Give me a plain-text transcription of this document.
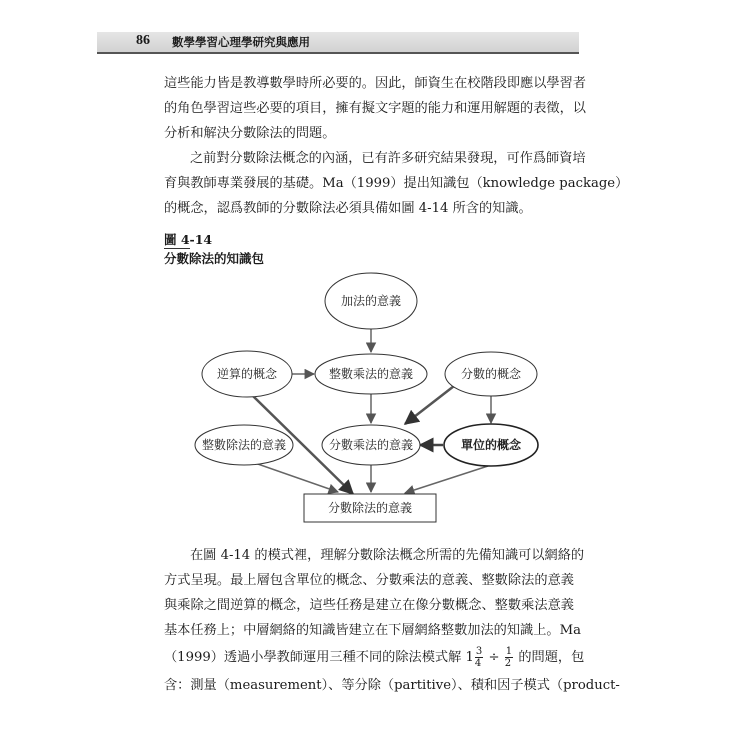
86 數學學習心理學研究與應用

這些能力皆是教導數學時所必要的。因此，師資生在校階段即應以學習者

的角色學習這些必要的項目，擁有擬文字題的能力和運用解題的表徵，以

分析和解決分數除法的問題。

之前對分數除法概念的內涵，已有許多研究結果發現，可作爲師資培

育與教師專業發展的基礎。Ma（1999）提出知識包（knowledge package）

的概念，認爲教師的分數除法必須具備如圖 4-14 所含的知識。

圖 4-14
分數除法的知識包
加法的意義
逆算的概念	整數乘法的意義	分數的概念
整數除法的意義	分數乘法的意義	單位的概念
分數除法的意義

在圖 4-14 的模式裡，理解分數除法概念所需的先備知識可以網絡的

方式呈現。最上層包含單位的概念、分數乘法的意義、整數除法的意義

與乘除之間逆算的概念，這些任務是建立在像分數概念、整數乘法意義

基本任務上；中層網絡的知識皆建立在下層網絡整數加法的知識上。Ma

（1999）透過小學教師運用三種不同的除法模式解 $1 \frac{3}{4} \div \frac{1}{2}$ 的問題，包

含：測量（measurement）、等分除（partitive）、積和因子模式（product-
